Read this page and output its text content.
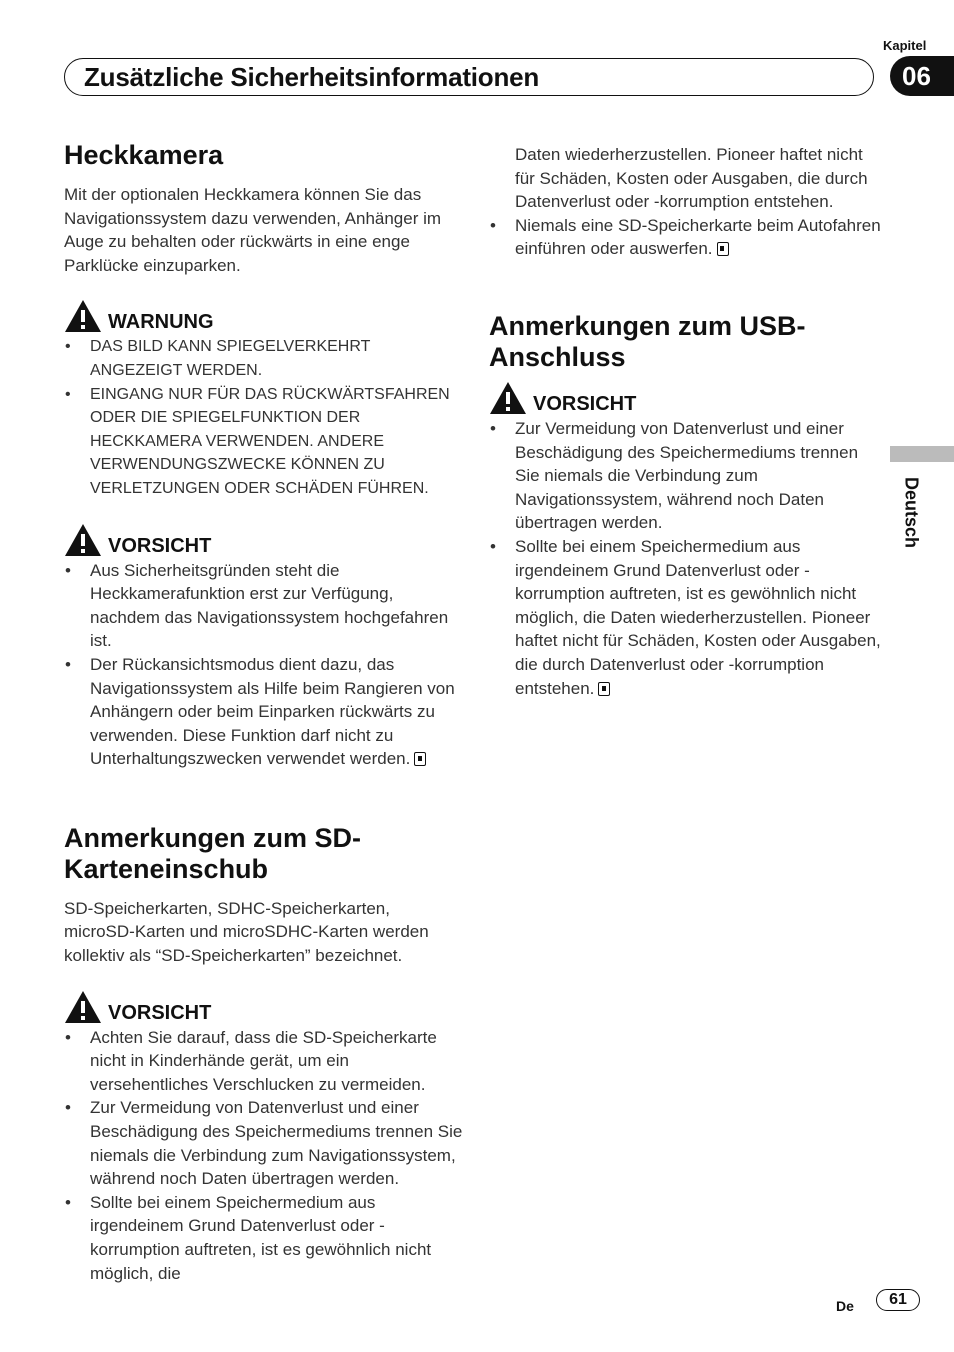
Kapitel
06
Zusätzliche Sicherheitsinformationen
Deutsch
Heckkamera

Mit der optionalen Heckkamera können Sie das Navigationssystem dazu verwenden, Anhänger im Auge zu behalten oder rückwärts in eine enge Parklücke einzuparken.

WARNUNG
• DAS BILD KANN SPIEGELVERKEHRT ANGEZEIGT WERDEN.
• EINGANG NUR FÜR DAS RÜCKWÄRTSFAHREN ODER DIE SPIEGELFUNKTION DER HECKKAMERA VERWENDEN. ANDERE VERWENDUNGSZWECKE KÖNNEN ZU VERLETZUNGEN ODER SCHÄDEN FÜHREN.
VORSICHT
• Aus Sicherheitsgründen steht die Heckkamerafunktion erst zur Verfügung, nachdem das Navigationssystem hochgefahren ist.
• Der Rückansichtsmodus dient dazu, das Navigationssystem als Hilfe beim Rangieren von Anhängern oder beim Einparken rückwärts zu verwenden. Diese Funktion darf nicht zu Unterhaltungszwecken verwendet werden.
Anmerkungen zum SD-
Karteneinschub

SD-Speicherkarten, SDHC-Speicherkarten, microSD-Karten und microSDHC-Karten werden kollektiv als “SD-Speicherkarten” bezeichnet.

VORSICHT
• Achten Sie darauf, dass die SD-Speicherkarte nicht in Kinderhände gerät, um ein versehentliches Verschlucken zu vermeiden.
• Zur Vermeidung von Datenverlust und einer Beschädigung des Speichermediums trennen Sie niemals die Verbindung zum Navigationssystem, während noch Daten übertragen werden.
• Sollte bei einem Speichermedium aus irgendeinem Grund Datenverlust oder -korrumption auftreten, ist es gewöhnlich nicht möglich, die

Daten wiederherzustellen. Pioneer haftet nicht für Schäden, Kosten oder Ausgaben, die durch Datenverlust oder -korrumption entstehen.

• Niemals eine SD-Speicherkarte beim Autofahren einführen oder auswerfen.
Anmerkungen zum USB-
Anschluss
VORSICHT
• Zur Vermeidung von Datenverlust und einer Beschädigung des Speichermediums trennen Sie niemals die Verbindung zum Navigationssystem, während noch Daten übertragen werden.
• Sollte bei einem Speichermedium aus irgendeinem Grund Datenverlust oder -korrumption auftreten, ist es gewöhnlich nicht möglich, die Daten wiederherzustellen. Pioneer haftet nicht für Schäden, Kosten oder Ausgaben, die durch Datenverlust oder -korrumption entstehen.
De	61
